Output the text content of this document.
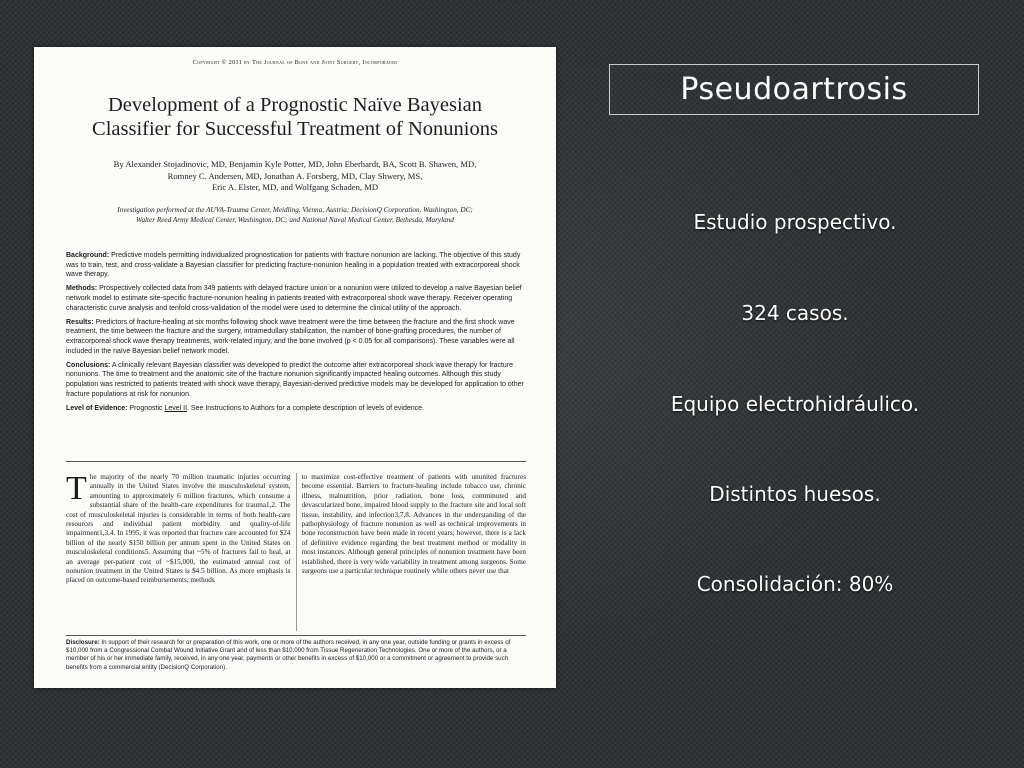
Copyright © 2011 by The Journal of Bone and Joint Surgery, Incorporated
Development of a Prognostic Naïve Bayesian
Classifier for Successful Treatment of Nonunions
By Alexander Stojadinovic, MD, Benjamin Kyle Potter, MD, John Eberhardt, BA, Scott B. Shawen, MD,
Romney C. Andersen, MD, Jonathan A. Forsberg, MD, Clay Shwery, MS,
Eric A. Elster, MD, and Wolfgang Schaden, MD
Investigation performed at the AUVA-Trauma Center, Meidling, Vienna, Austria; DecisionQ Corporation, Washington, DC;
Walter Reed Army Medical Center, Washington, DC; and National Naval Medical Center, Bethesda, Maryland

Background: Predictive models permitting individualized prognostication for patients with fracture nonunion are lacking. The objective of this study was to train, test, and cross-validate a Bayesian classifier for predicting fracture-nonunion healing in a population treated with extracorporeal shock wave therapy.

Methods: Prospectively collected data from 349 patients with delayed fracture union or a nonunion were utilized to develop a naïve Bayesian belief network model to estimate site-specific fracture-nonunion healing in patients treated with extracorporeal shock wave therapy. Receiver operating characteristic curve analysis and tenfold cross-validation of the model were used to determine the clinical utility of the approach.

Results: Predictors of fracture-healing at six months following shock wave treatment were the time between the fracture and the first shock wave treatment, the time between the fracture and the surgery, intramedullary stabilization, the number of bone-grafting procedures, the number of extracorporeal shock wave therapy treatments, work-related injury, and the bone involved (p < 0.05 for all comparisons). These variables were all included in the naïve Bayesian belief network model.

Conclusions: A clinically relevant Bayesian classifier was developed to predict the outcome after extracorporeal shock wave therapy for fracture nonunions. The time to treatment and the anatomic site of the fracture nonunion significantly impacted healing outcomes. Although this study population was restricted to patients treated with shock wave therapy, Bayesian-derived predictive models may be developed for application to other fracture populations at risk for nonunion.

Level of Evidence: Prognostic Level II. See Instructions to Authors for a complete description of levels of evidence.

T he majority of the nearly 70 million traumatic injuries occurring annually in the United States involve the musculoskeletal system, amounting to approximately 6 million fractures, which consume a substantial share of the health-care expenditures for trauma1,2. The cost of musculoskeletal injuries is considerable in terms of both health-care resources and individual patient morbidity and quality-of-life impairment1,3,4. In 1995, it was reported that fracture care accounted for $24 billion of the nearly $150 billion per annum spent in the United States on musculoskeletal conditions5. Assuming that ~5% of fractures fail to heal, at an average per-patient cost of ~$15,000, the estimated annual cost of nonunion treatment in the United States is $4.5 billion. As more emphasis is placed on outcome-based reimbursements, methods
to maximize cost-effective treatment of patients with ununited fractures become essential. Barriers to fracture-healing include tobacco use, chronic illness, malnutrition, prior radiation, bone loss, comminuted and devascularized bone, impaired blood supply to the fracture site and local soft tissue, instability, and infection3,7,8. Advances in the understanding of the pathophysiology of fracture nonunion as well as technical improvements in bone reconstruction have been made in recent years; however, there is a lack of definitive evidence regarding the best treatment method or modality in most instances. Although general principles of nonunion treatment have been established, there is very wide variability in treatment among surgeons. Some surgeons use a particular technique routinely while others never use that
Disclosure: In support of their research for or preparation of this work, one or more of the authors received, in any one year, outside funding or grants in excess of $10,000 from a Congressional Combat Wound Initiative Grant and of less than $10,000 from Tissue Regeneration Technologies. One or more of the authors, or a member of his or her immediate family, received, in any one year, payments or other benefits in excess of $10,000 or a commitment or agreement to provide such benefits from a commercial entity (DecisionQ Corporation).
Pseudoartrosis
Estudio prospectivo.
324 casos.
Equipo electrohidráulico.
Distintos huesos.
Consolidación: 80%
